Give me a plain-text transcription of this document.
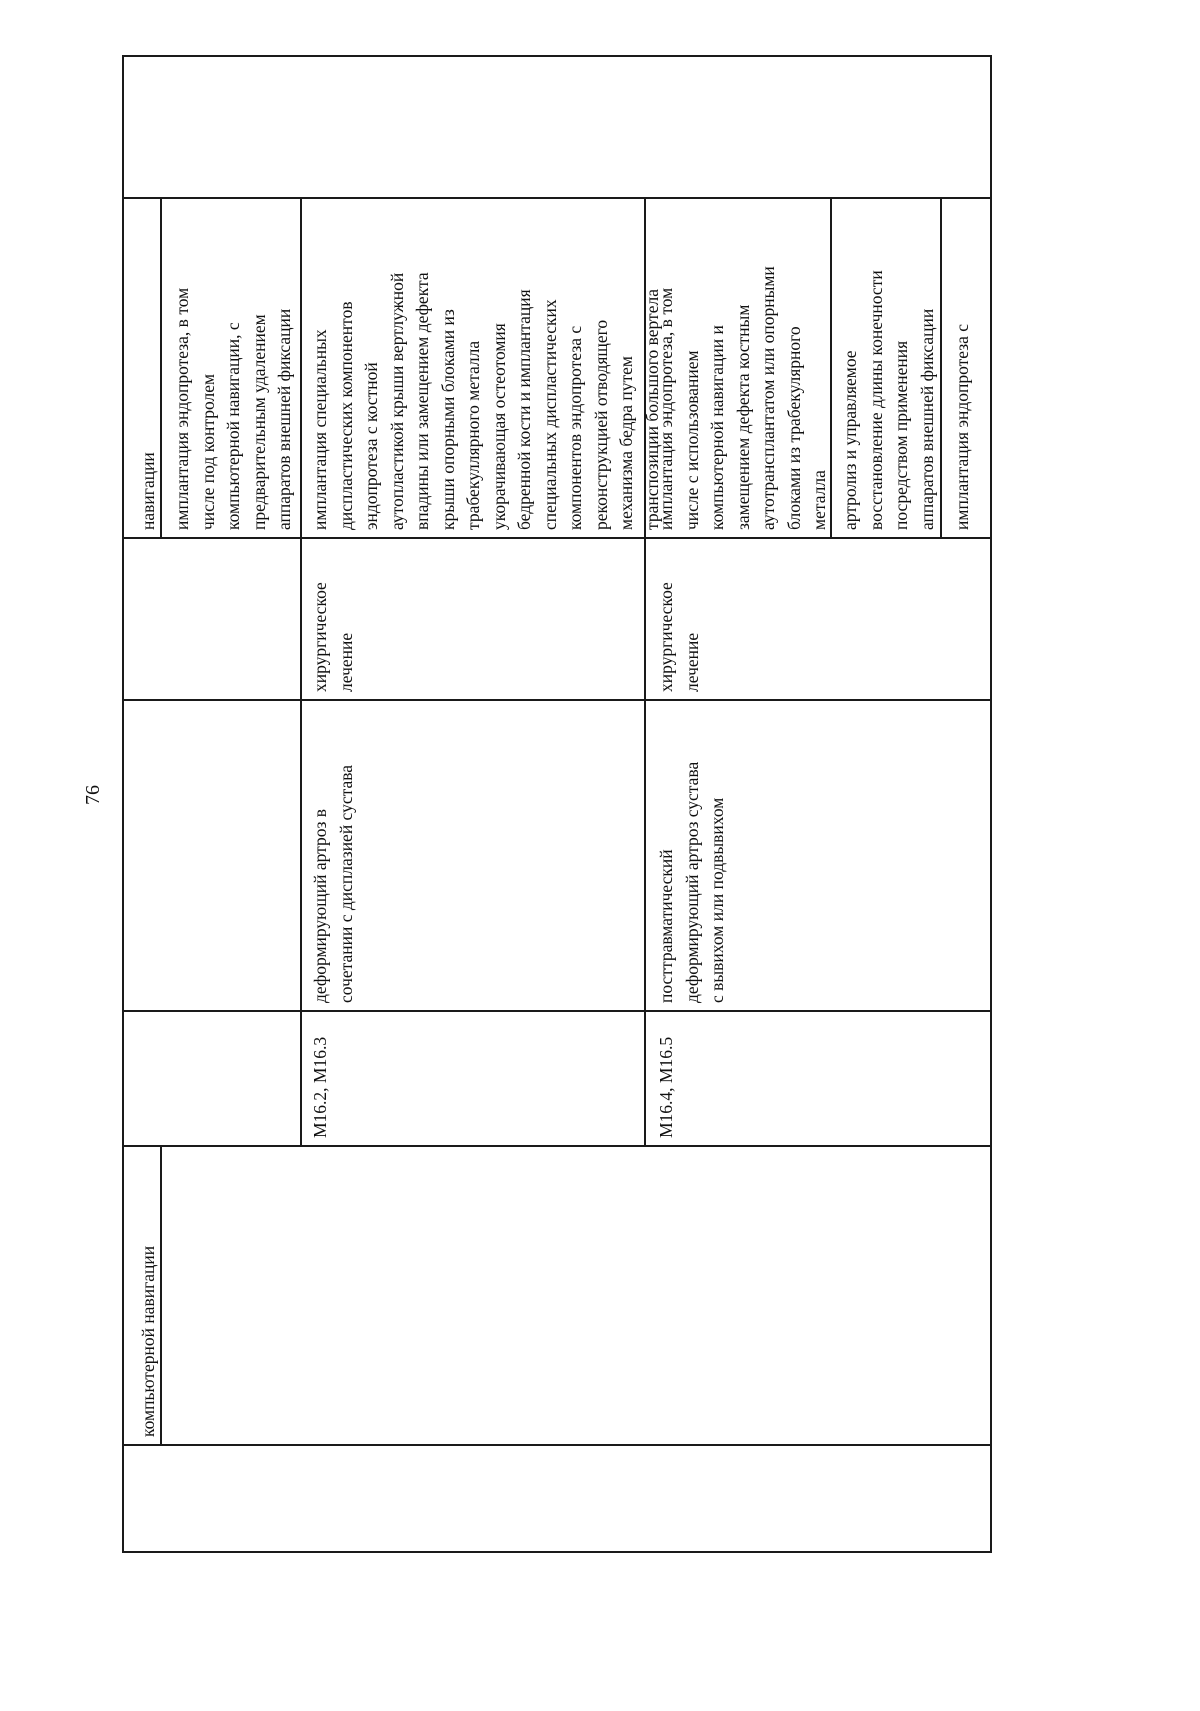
76
компьютерной навигации
навигации имплантация эндопротеза, в том
числе под контролем
компьютерной навигации, с
предварительным удалением
аппаратов внешней фиксации
M16.2, M16.3
деформирующий артроз в
сочетании с дисплазией сустава
хирургическое
лечение
имплантация специальных
диспластических компонентов
эндопротеза с костной
аутопластикой крыши вертлужной
впадины или замещением дефекта
крыши опорными блоками из
трабекуллярного металла
укорачивающая остеотомия
бедренной кости и имплантация
специальных диспластических
компонентов эндопротеза с
реконструкцией отводящего
механизма бедра путем
транспозиции большого вертела
M16.4, M16.5
посттравматический
деформирующий артроз сустава
с вывихом или подвывихом
хирургическое
лечение
имплантация эндопротеза, в том
числе с использованием
компьютерной навигации и
замещением дефекта костным
аутотрансплантатом или опорными
блоками из трабекулярного
металла артролиз и управляемое
восстановление длины конечности
посредством применения
аппаратов внешней фиксации имплантация эндопротеза с
